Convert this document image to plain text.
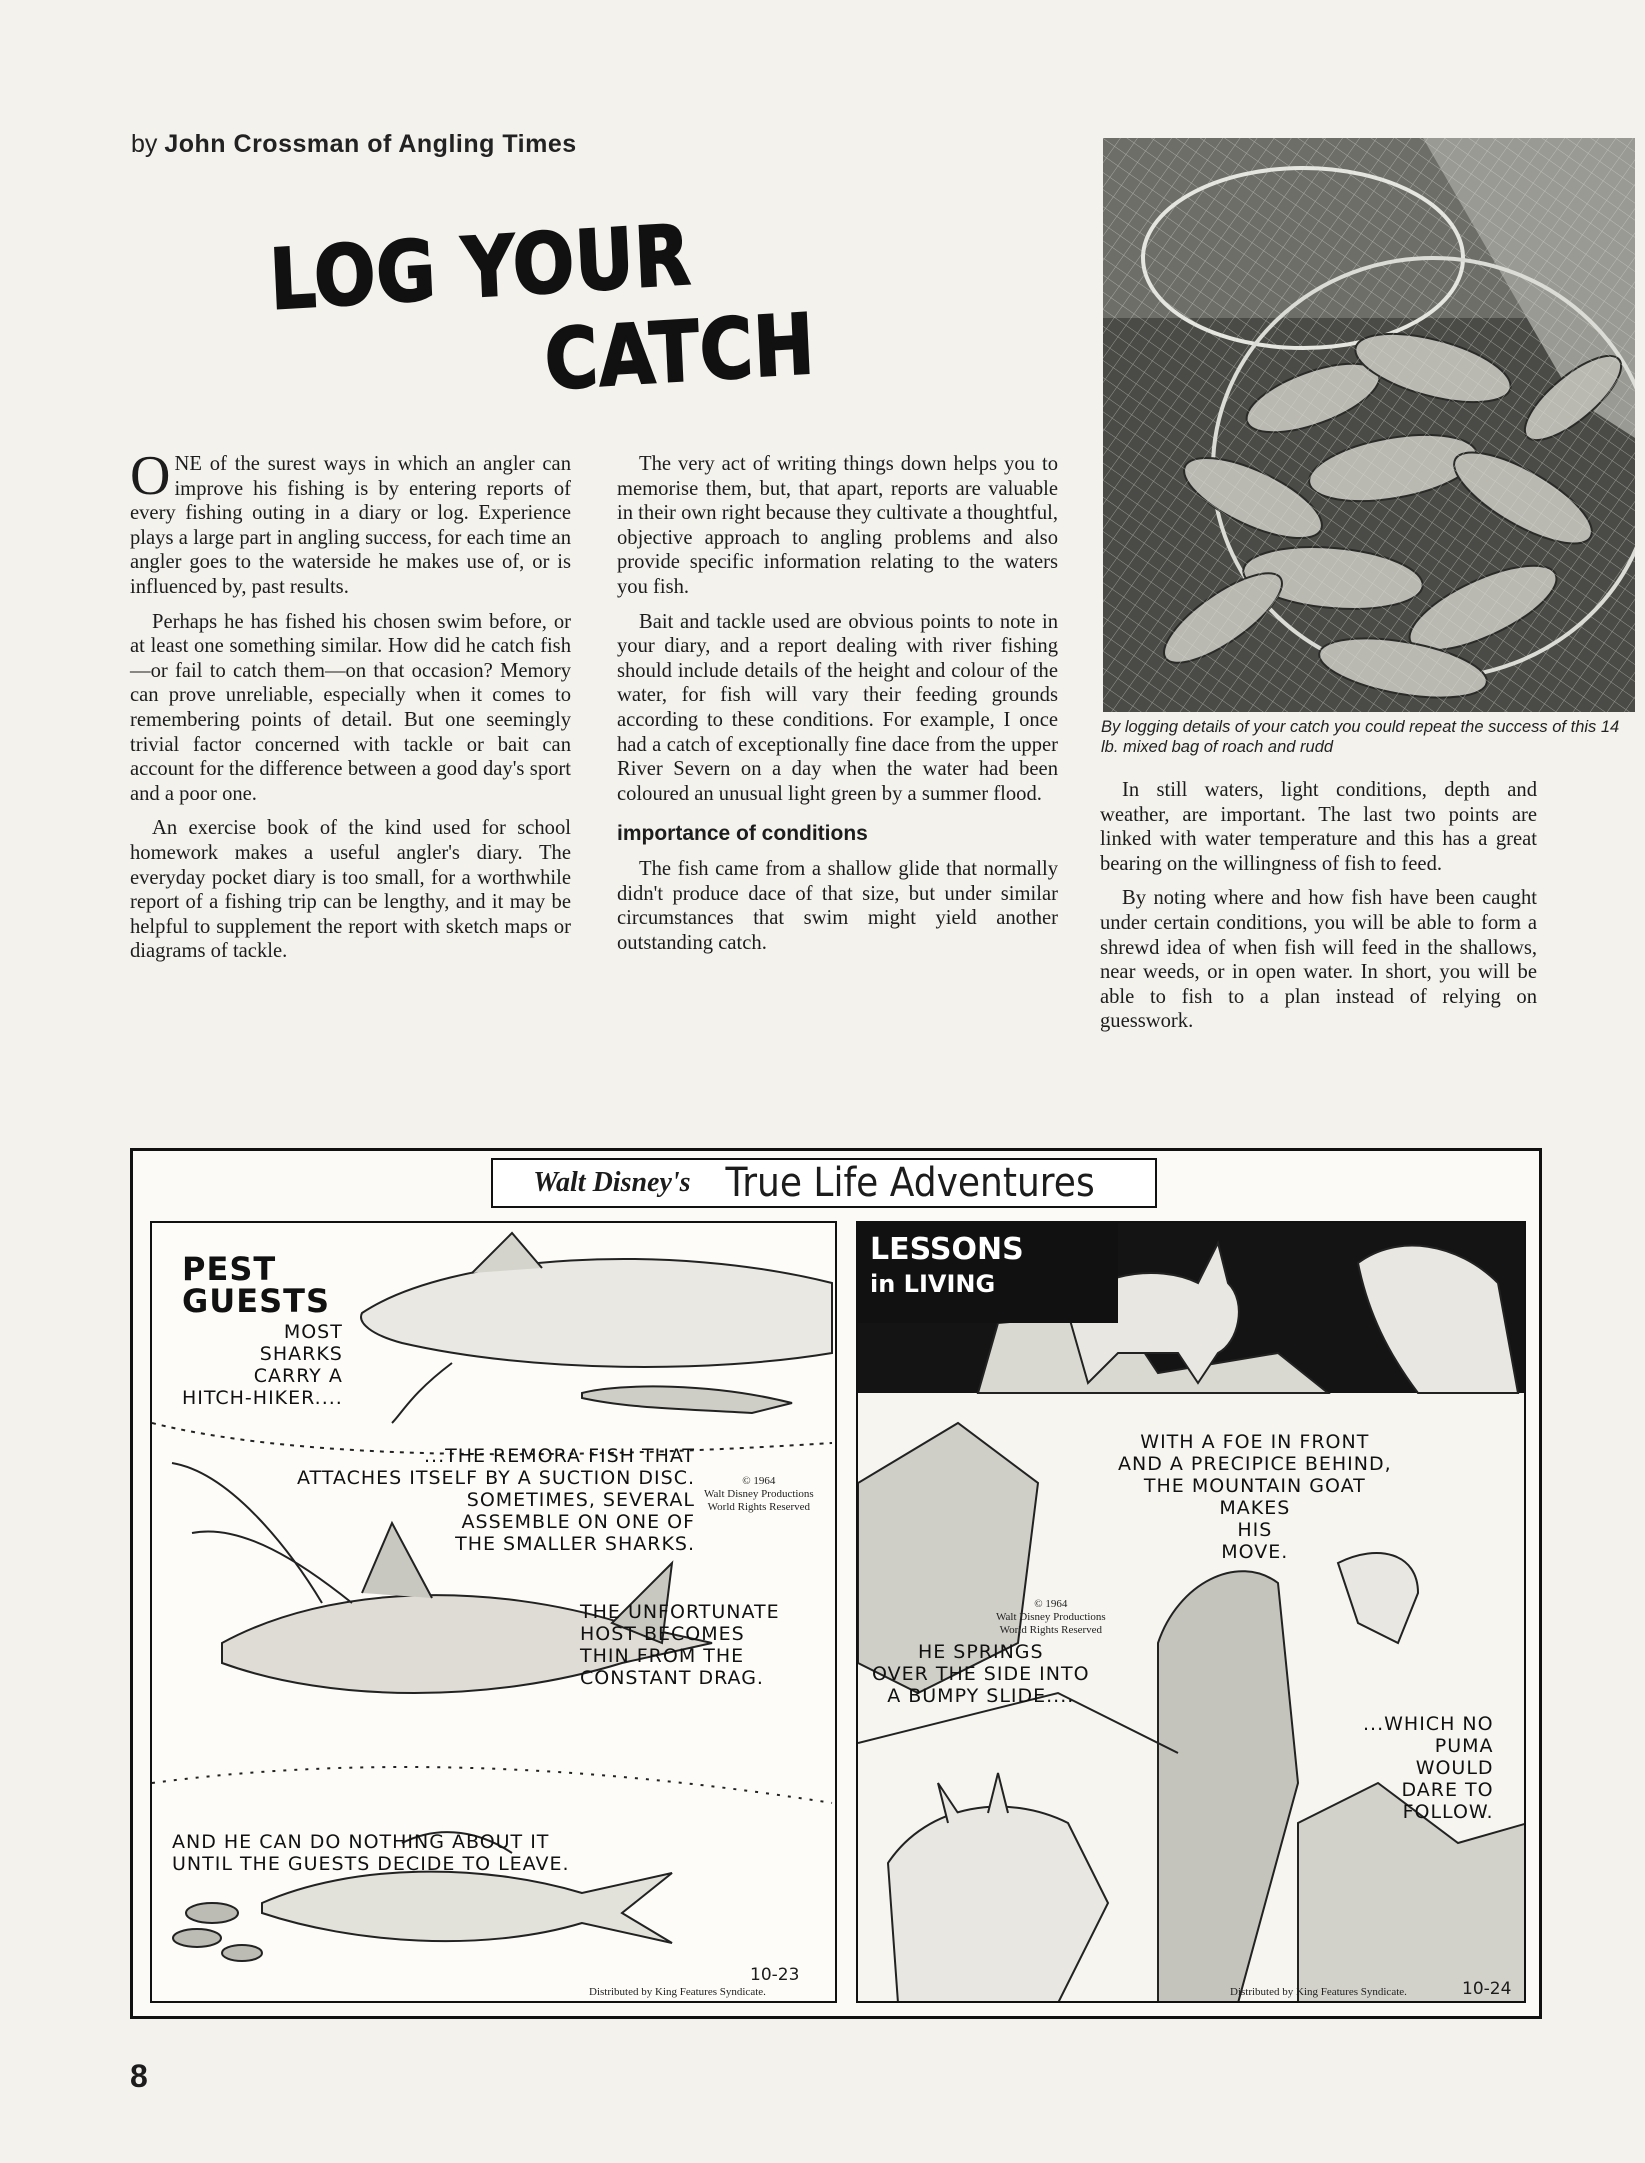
by John Crossman of Angling Times
LOG YOUR
CATCH
By logging details of your catch you could repeat the success of this 14 lb. mixed bag of roach and rudd

ONE of the surest ways in which an angler can improve his fishing is by entering reports of every fishing outing in a diary or log. Experience plays a large part in angling success, for each time an angler goes to the waterside he makes use of, or is influenced by, past results.

Perhaps he has fished his chosen swim before, or at least one something similar. How did he catch fish—or fail to catch them—on that occasion? Memory can prove unreliable, especially when it comes to remembering points of detail. But one seemingly trivial factor concerned with tackle or bait can account for the difference between a good day's sport and a poor one.

An exercise book of the kind used for school homework makes a useful angler's diary. The everyday pocket diary is too small, for a worthwhile report of a fishing trip can be lengthy, and it may be helpful to supplement the report with sketch maps or diagrams of tackle.

The very act of writing things down helps you to memorise them, but, that apart, reports are valuable in their own right because they cultivate a thoughtful, objective approach to angling problems and also provide specific information relating to the waters you fish.

Bait and tackle used are obvious points to note in your diary, and a report dealing with river fishing should include details of the height and colour of the water, for fish will vary their feeding grounds according to these conditions. For example, I once had a catch of exceptionally fine dace from the upper River Severn on a day when the water had been coloured an unusual light green by a summer flood.

importance of conditions

The fish came from a shallow glide that normally didn't produce dace of that size, but under similar circumstances that swim might yield another outstanding catch.

In still waters, light conditions, depth and weather, are important. The last two points are linked with water temperature and this has a great bearing on the willingness of fish to feed.

By noting where and how fish have been caught under certain conditions, you will be able to form a shrewd idea of when fish will feed in the shallows, near weeds, or in open water. In short, you will be able to fish to a plan instead of relying on guesswork.

Walt Disney's True Life Adventures
PEST
GUESTS
MOST
SHARKS
CARRY A
HITCH-HIKER....
...THE REMORA FISH THAT
ATTACHES ITSELF BY A SUCTION DISC.
SOMETIMES, SEVERAL
ASSEMBLE ON ONE OF
THE SMALLER SHARKS.
© 1964
Walt Disney Productions
World Rights Reserved
THE UNFORTUNATE
HOST BECOMES
THIN FROM THE
CONSTANT DRAG.
AND HE CAN DO NOTHING ABOUT IT
UNTIL THE GUESTS DECIDE TO LEAVE.
10-23
Distributed by King Features Syndicate.
LESSONS
in LIVING
WITH A FOE IN FRONT
AND A PRECIPICE BEHIND,
THE MOUNTAIN GOAT
MAKES
HIS
MOVE.
© 1964
Walt Disney Productions
World Rights Reserved
HE SPRINGS
OVER THE SIDE INTO
A BUMPY SLIDE....
...WHICH NO
PUMA
WOULD
DARE TO
FOLLOW.
Distributed by King Features Syndicate.	10-24
8
